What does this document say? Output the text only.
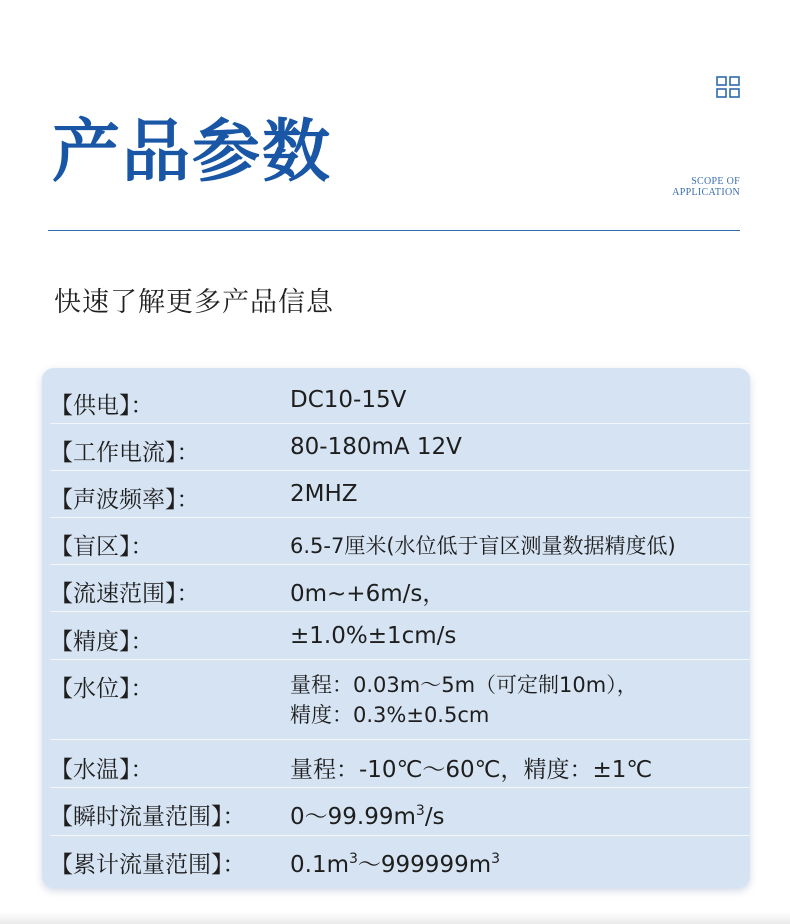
产品参数	SCOPE OF
APPLICATION
快速了解更多产品信息
【供电】：	DC10-15V
【工作电流】：	80-180mA 12V
【声波频率】：	2MHZ
【盲区】：	6.5-7厘米(水位低于盲区测量数据精度低)
【流速范围】：	0m~+6m/s，
【精度】：	±1.0%±1cm/s
【水位】：	量程：0.03m～5m（可定制10m），
精度：0.3%±0.5cm
【水温】：	量程：-10℃～60℃，精度：±1℃
【瞬时流量范围】： $0\sim 99.99m^3/s$
【累计流量范围】： $0.1m^3\sim 999999m^3$
